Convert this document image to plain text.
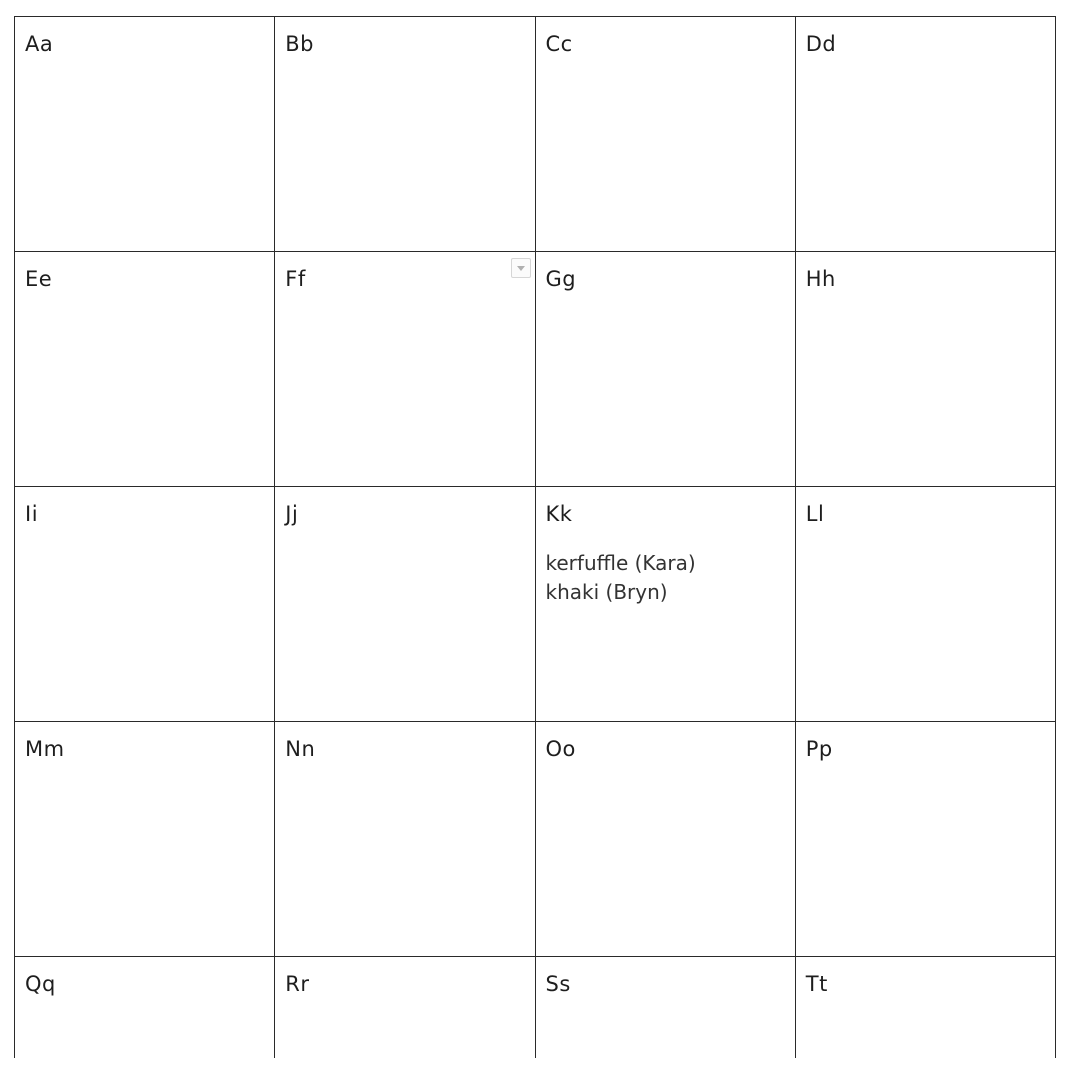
Aa	Bb	Cc	Dd

Ee	Ff	Gg	Hh

Ii	Jj	Kk
kerfuffle (Kara)
khaki (Bryn)	Ll

Mm	Nn	Oo	Pp

Qq	Rr	Ss	Tt
